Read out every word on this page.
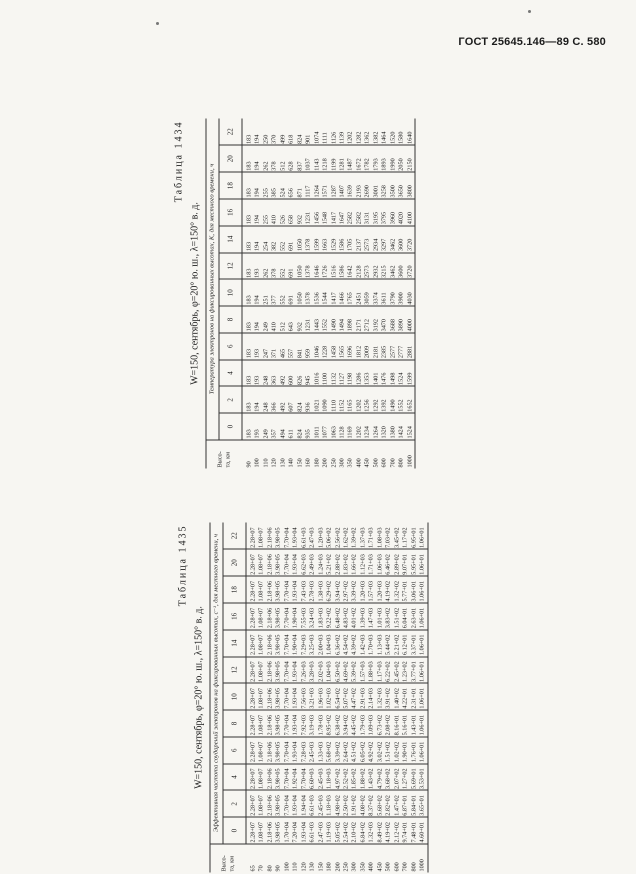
ГОСТ 25645.146—89 С. 580
Таблица 1434
W=150, сентябрь, φ=20° ю. ш., λ=150° в. д.
Высо-
та, км	Температура электронов на фиксированных высотах, К, для местного времени, ч											
	0	2	4	6	8	10	12	14	16	18	20	22
90	183	183	183	183	183	183	183	183	183	183	183	183
100	193	194	193	193	194	194	193	194	194	194	194	194
110	249	248	248	247	249	251	262	254	255	255	262	250
120	357	366	363	371	410	377	378	382	410	385	378	370
130	494	492	492	465	512	552	552	552	526	524	512	499
140	611	607	600	557	643	691	691	691	658	656	628	618
150	824	824	826	841	932	1050	1050	1050	932	871	837	824
160	935	936	945	959	1231	1378	1378	1378	1231	1117	1037	901
180	1011	1021	1016	1046	1443	1536	1646	1599	1456	1264	1143	1074
200	1077	1090	1100	1228	1552	1544	1726	1663	1548	1571	1218	1111
250	1063	1110	1132	1458	1490	1417	1516	1529	1417	1287	1199	1126
300	1128	1152	1127	1565	1494	1466	1586	1586	1647	1407	1281	1139
350	1169	1165	1198	1696	1898	1765	1642	1705	2582	1639	1487	1202
400	1202	1202	1286	1812	2171	2451	2128	2137	2582	2193	1672	1282
450	1234	1256	1353	2009	2712	3059	2573	2573	3131	2690	1782	1362
500	1264	1292	1401	2181	3192	3374	2932	2934	3195	3001	1793	1382
600	1320	1392	1476	2385	3470	3611	3215	3297	3795	3258	1893	1464
700	1380	1490	1498	2577	3688	3790	3462	3462	3960	3500	1990	1520
800	1424	1552	1524	2777	3890	3900	3600	3600	4020	3650	2050	1580
1000	1524	1652	1599	2881	4000	4030	3720	3720	4100	3800	2150	1640
Таблица 1435
W=150, сентябрь, φ=20° ю. ш., λ=150° в. д.
Высо-
та, км	Эффективная частота соударений электронов на фиксированных высотах, с⁻¹, для местного времени, ч											
	0	2	4	6	8	10	12	14	16	18	20	22
65	2.28+07	2.28+07	2.28+07	2.28+07	2.28+07	2.28+07	2.28+07	2.28+07	2.28+07	2.28+07	2.28+07	2.28+07
70	1.08+07	1.08+07	1.08+07	1.08+07	1.08+07	1.08+07	1.08+07	1.08+07	1.08+07	1.08+07	1.08+07	1.08+07
80	2.18+06	2.18+06	2.18+06	2.18+06	2.18+06	2.18+06	2.18+06	2.18+06	2.18+06	2.18+06	2.18+06	2.18+06
90	3.98+05	3.98+05	3.98+05	3.98+05	3.98+05	3.98+05	3.98+05	3.98+05	3.98+05	3.98+05	3.98+05	3.98+05
100	1.70+04	7.70+04	7.70+04	7.70+04	7.70+04	7.70+04	7.70+04	7.70+04	7.70+04	7.70+04	7.70+04	7.70+04
110	7.20+04	1.93+04	1.92+04	1.93+04	1.93+04	1.93+04	1.93+04	1.90+04	1.90+04	1.93+04	1.93+04	1.93+04
120	1.93+04	1.94+04	7.70+04	7.28+03	7.92+03	7.56+03	7.26+03	7.29+03	7.55+03	7.43+03	6.62+03	6.61+03
130	6.61+03	6.61+03	6.60+03	2.45+03	3.19+03	3.21+03	3.28+03	3.25+03	3.24+03	2.78+03	2.49+03	2.47+03
150	2.47+03	2.45+03	2.45+03	1.33+03	1.78+03	1.96+03	2.02+03	2.00+03	1.83+03	1.38+03	1.24+03	1.20+03
180	1.19+03	1.18+03	1.18+03	5.68+02	8.95+02	1.02+03	1.04+03	1.04+03	9.22+02	6.29+02	5.21+02	5.06+02
200	5.05+02	4.98+02	4.97+02	3.39+02	6.38+02	6.54+02	6.50+02	6.36+02	6.48+02	3.94+02	2.88+02	2.56+02
250	2.54+02	2.50+02	2.52+02	2.64+02	3.94+02	5.07+02	4.69+02	4.54+02	4.83+02	2.97+02	1.83+02	1.62+02
300	2.10+02	1.91+02	1.85+02	4.51+02	4.45+02	4.47+02	5.39+02	4.39+02	4.01+02	3.39+02	1.66+02	1.39+02
350	6.84+02	4.08+02	1.88+02	6.05+02	1.79+03	2.91+03	1.57+03	1.42+03	1.39+03	1.20+03	1.12+03	1.37+03
400	1.32+03	8.37+02	1.43+02	4.92+02	1.09+03	2.14+03	1.88+03	1.70+03	1.47+03	1.57+03	1.71+03	1.71+03
450	8.49+02	5.68+02	4.79+02	3.02+02	6.73+02	1.32+03	1.17+03	1.13+03	1.01+03	1.20+03	1.06+03	1.08+03
500	4.19+02	2.82+02	3.68+02	1.51+02	2.08+02	3.91+02	6.22+02	5.44+02	3.83+02	4.19+02	6.46+02	7.03+02
600	2.12+02	1.47+02	2.07+02	1.02+02	8.16+01	1.40+02	2.45+02	2.21+02	1.51+02	1.32+02	2.89+02	3.45+02
700	9.74+01	6.87+01	1.27+02	1.90+01	5.16+01	4.22+01	1.23+02	6.12+01	6.04+01	5.77+01	9.07+01	1.17+02
800	7.48+01	5.84+01	5.69+01	1.76+01	1.43+01	2.31+01	3.77+01	3.37+01	2.63+01	3.06+01	5.95+01	6.95+01
1000	4.60+01	3.65+01	3.53+01	1.06+01	1.06+01	1.06+01	1.06+01	1.06+01	1.06+01	1.06+01	1.06+01	1.06+01
